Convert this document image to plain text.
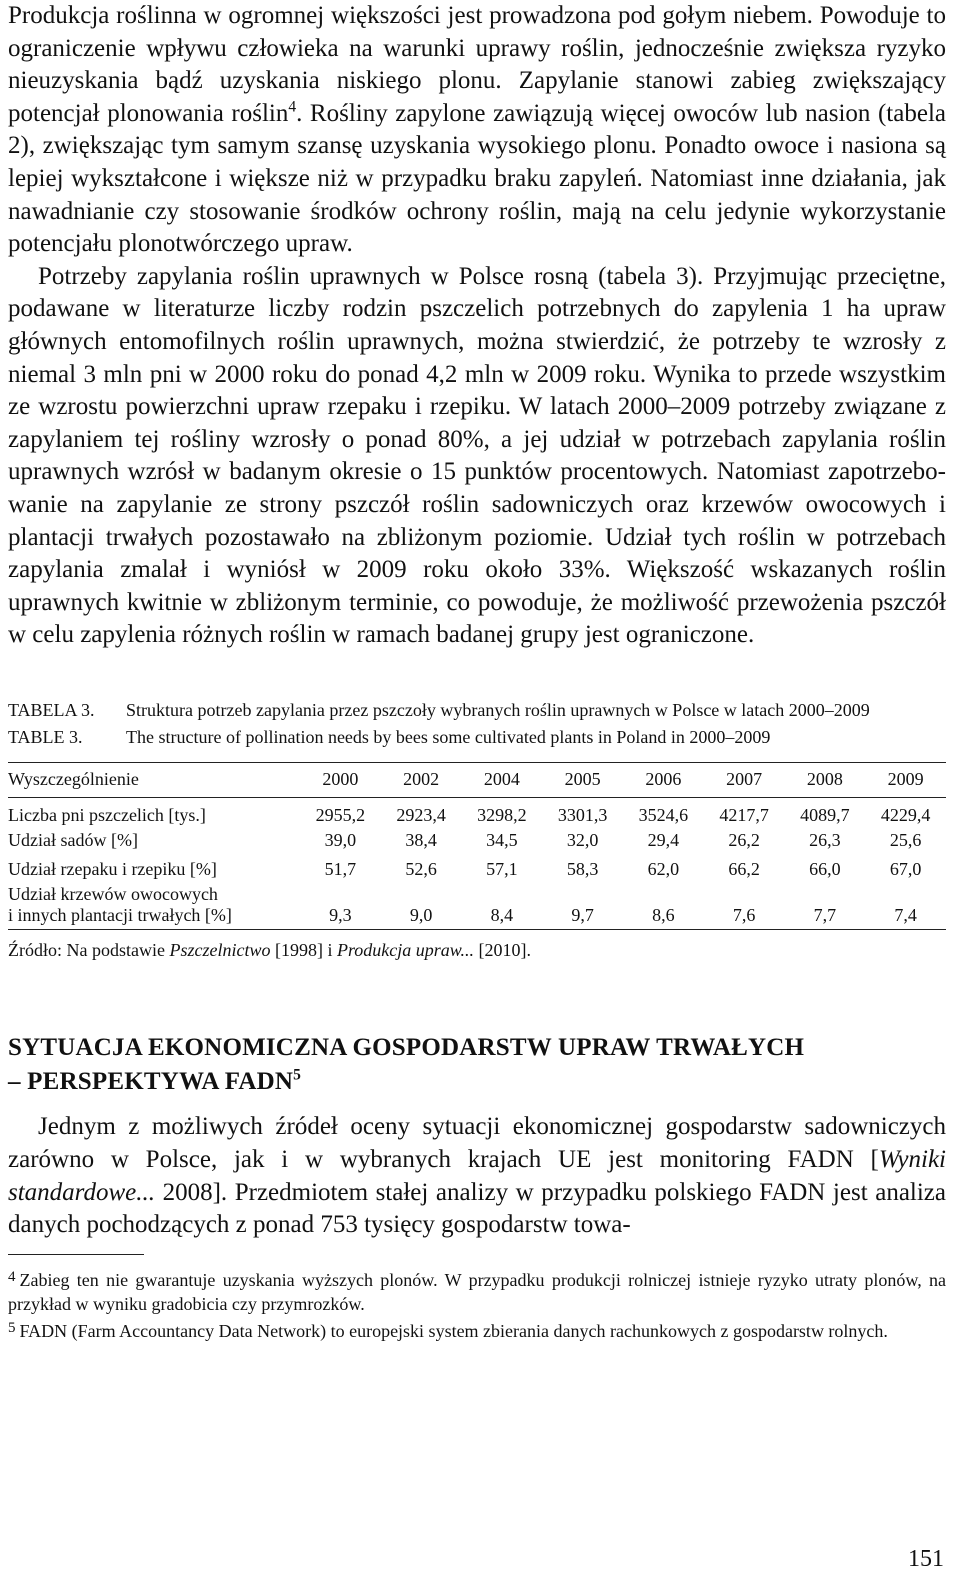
Produkcja roślinna w ogromnej większości jest prowadzona pod gołym niebem. Powoduje to ograniczenie wpływu człowieka na warunki uprawy roślin, jednocześnie zwiększa ryzyko nieuzyskania bądź uzyskania niskiego plonu. Zapylanie stanowi zabieg zwiększający potencjał plonowania roślin$^4$. Rośliny zapylone zawiązują więcej owoców lub nasion (tabela 2), zwiększając tym samym szansę uzyskania wysokiego plonu. Ponadto owoce i nasiona są lepiej wykształcone i większe niż w przypadku braku zapyleń. Natomiast inne działania, jak nawadnianie czy stosowanie środków ochrony roślin, mają na celu jedynie wykorzystanie potencjału plonotwórczego upraw.

Potrzeby zapylania roślin uprawnych w Polsce rosną (tabela 3). Przyjmując przeciętne, podawane w literaturze liczby rodzin pszczelich potrzebnych do zapylenia 1 ha upraw głównych entomofilnych roślin uprawnych, można stwierdzić, że potrzeby te wzrosły z niemal 3 mln pni w 2000 roku do ponad 4,2 mln w 2009 roku. Wynika to przede wszystkim ze wzrostu powierzchni upraw rzepaku i rzepiku. W latach 2000–2009 potrzeby związane z zapylaniem tej rośliny wzrosły o ponad 80%, a jej udział w potrzebach zapylania roślin uprawnych wzrósł w badanym okresie o 15 punktów procentowych. Natomiast zapotrzebowanie na zapylanie ze strony pszczół roślin sadowniczych oraz krzewów owocowych i plantacji trwałych pozostawało na zbliżonym poziomie. Udział tych roślin w potrzebach zapylania zmalał i wyniósł w 2009 roku około 33%. Większość wskazanych roślin uprawnych kwitnie w zbliżonym terminie, co powoduje, że możliwość przewożenia pszczół w celu zapylenia różnych roślin w ramach badanej grupy jest ograniczone.

TABELA 3.	Struktura potrzeb zapylania przez pszczoły wybranych roślin uprawnych w Polsce w latach 2000–2009
TABLE 3.	The structure of pollination needs by bees some cultivated plants in Poland in 2000–2009
Wyszczególnienie	2000	2002	2004	2005	2006	2007	2008	2009
Liczba pni pszczelich [tys.]	2955,2	2923,4	3298,2	3301,3	3524,6	4217,7	4089,7	4229,4
Udział sadów [%]	39,0	38,4	34,5	32,0	29,4	26,2	26,3	25,6
Udział rzepaku i rzepiku [%]	51,7	52,6	57,1	58,3	62,0	66,2	66,0	67,0

Udział krzewów owocowych
i innych plantacji trwałych [%]	9,3	9,0	8,4	9,7	8,6	7,6	7,7	7,4
Źródło: Na podstawie Pszczelnictwo [1998] i Produkcja upraw... [2010].
SYTUACJA EKONOMICZNA GOSPODARSTW UPRAW TRWAŁYCH
– PERSPEKTYWA FADN$^5$

Jednym z możliwych źródeł oceny sytuacji ekonomicznej gospodarstw sadowniczych zarówno w Polsce, jak i w wybranych krajach UE jest monitoring FADN [Wyniki standardowe... 2008]. Przedmiotem stałej analizy w przypadku polskiego FADN jest analiza danych pochodzących z ponad 753 tysięcy gospodarstw towa-

$^4$ Zabieg ten nie gwarantuje uzyskania wyższych plonów. W przypadku produkcji rolniczej istnieje ryzyko utraty plonów, na przykład w wyniku gradobicia czy przymrozków.

$^5$ FADN (Farm Accountancy Data Network) to europejski system zbierania danych rachunkowych z gospodarstw rolnych.

151
